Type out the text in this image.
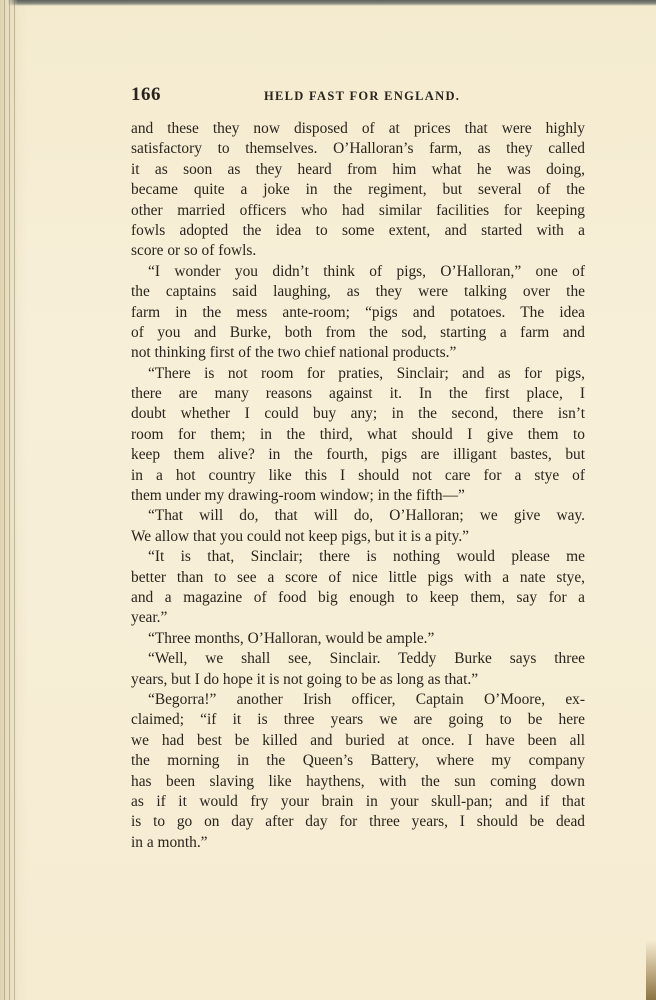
166	HELD FAST FOR ENGLAND.
and these they now disposed of at prices that were highly
satisfactory to themselves. O’Halloran’s farm, as they called
it as soon as they heard from him what he was doing,
became quite a joke in the regiment, but several of the
other married officers who had similar facilities for keeping
fowls adopted the idea to some extent, and started with a
score or so of fowls.
“I wonder you didn’t think of pigs, O’Halloran,” one of
the captains said laughing, as they were talking over the
farm in the mess ante-room; “pigs and potatoes. The idea
of you and Burke, both from the sod, starting a farm and
not thinking first of the two chief national products.”
“There is not room for praties, Sinclair; and as for pigs,
there are many reasons against it. In the first place, I
doubt whether I could buy any; in the second, there isn’t
room for them; in the third, what should I give them to
keep them alive? in the fourth, pigs are illigant bastes, but
in a hot country like this I should not care for a stye of
them under my drawing-room window; in the fifth—”
“That will do, that will do, O’Halloran; we give way.
We allow that you could not keep pigs, but it is a pity.”
“It is that, Sinclair; there is nothing would please me
better than to see a score of nice little pigs with a nate stye,
and a magazine of food big enough to keep them, say for a
year.”
“Three months, O’Halloran, would be ample.”
“Well, we shall see, Sinclair. Teddy Burke says three
years, but I do hope it is not going to be as long as that.”
“Begorra!” another Irish officer, Captain O’Moore, ex-
claimed; “if it is three years we are going to be here
we had best be killed and buried at once. I have been all
the morning in the Queen’s Battery, where my company
has been slaving like haythens, with the sun coming down
as if it would fry your brain in your skull-pan; and if that
is to go on day after day for three years, I should be dead
in a month.”
